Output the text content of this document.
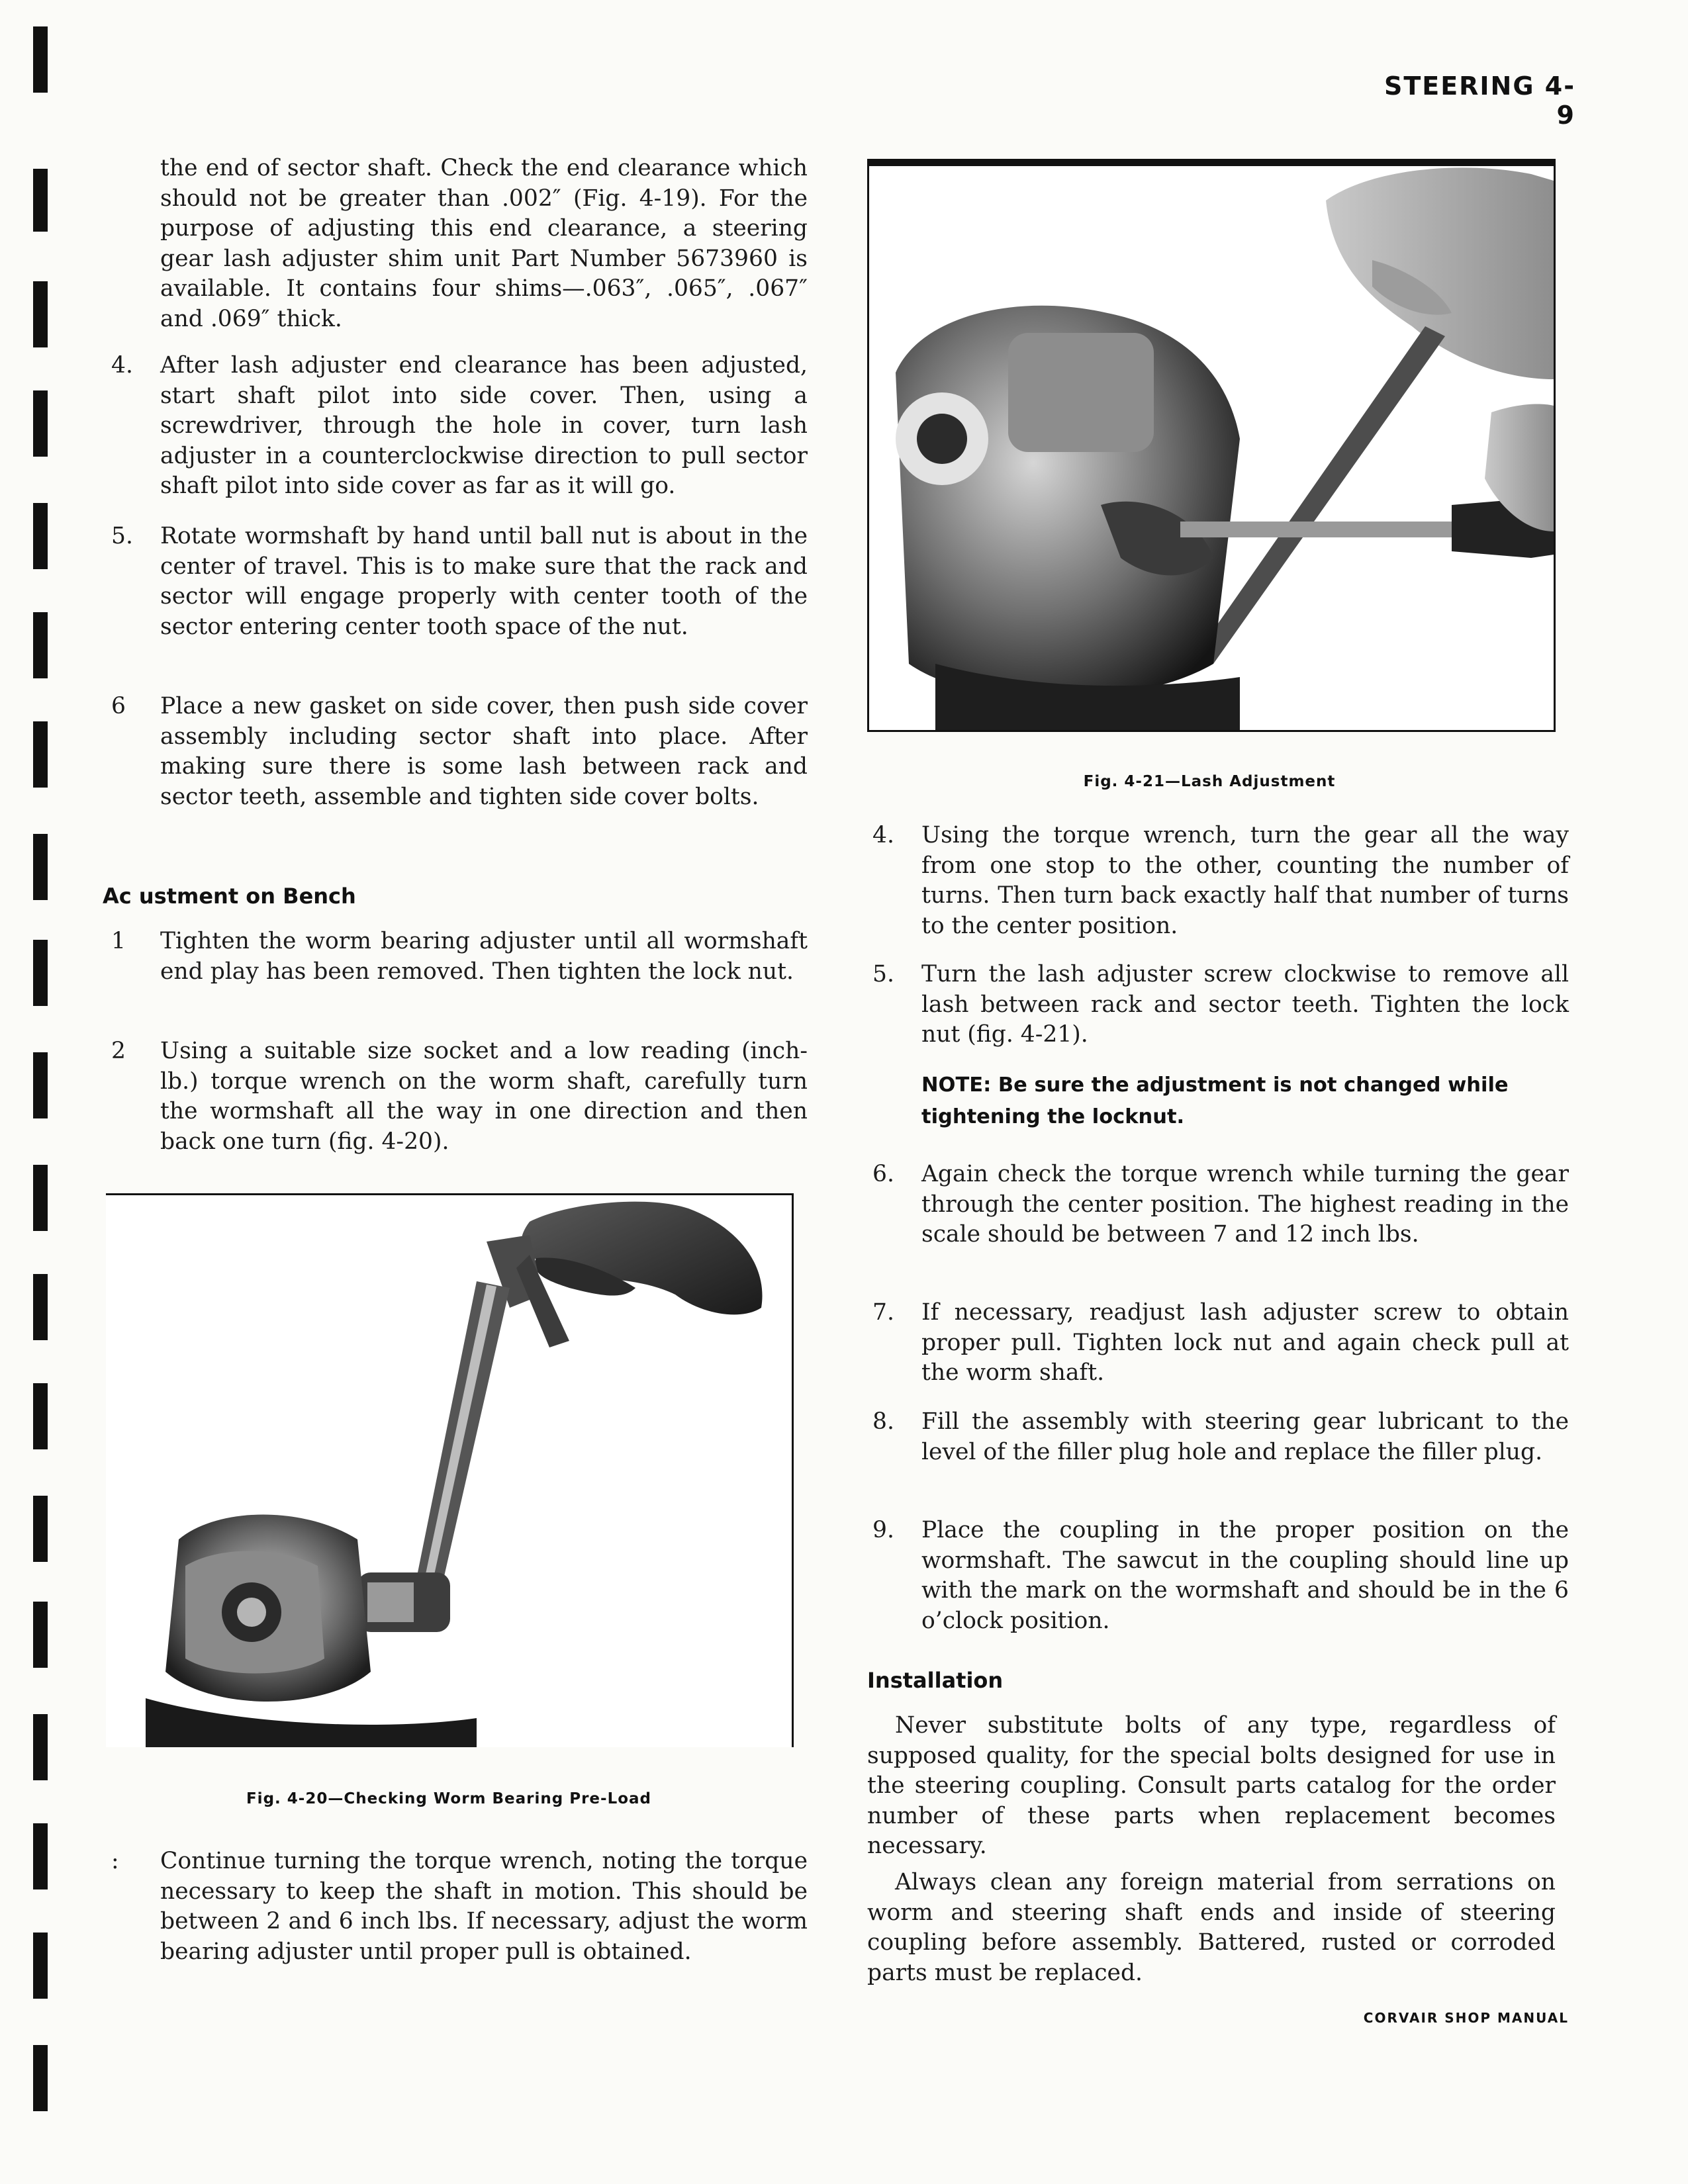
STEERING 4-9

the end of sector shaft. Check the end clearance which should not be greater than .002″ (Fig. 4-19). For the purpose of adjusting this end clearance, a steering gear lash adjuster shim unit Part Number 5673960 is available. It contains four shims—.063″, .065″, .067″ and .069″ thick.

4. After lash adjuster end clearance has been adjusted, start shaft pilot into side cover. Then, using a screwdriver, through the hole in cover, turn lash adjuster in a counterclockwise direction to pull sector shaft pilot into side cover as far as it will go.

5. Rotate wormshaft by hand until ball nut is about in the center of travel. This is to make sure that the rack and sector will engage properly with center tooth of the sector entering center tooth space of the nut.

6	Place a new gasket on side cover, then push side cover assembly including sector shaft into place. After making sure there is some lash between rack and sector teeth, assemble and tighten side cover bolts.

Ac ustment on Bench
1	Tighten the worm bearing adjuster until all wormshaft end play has been removed. Then tighten the lock nut.

2	Using a suitable size socket and a low reading (inch-lb.) torque wrench on the worm shaft, carefully turn the wormshaft all the way in one direction and then back one turn (fig. 4-20).

Fig. 4-20—Checking Worm Bearing Pre-Load
:	Continue turning the torque wrench, noting the torque necessary to keep the shaft in motion. This should be between 2 and 6 inch lbs. If necessary, adjust the worm bearing adjuster until proper pull is obtained.

Fig. 4-21—Lash Adjustment
4. Using the torque wrench, turn the gear all the way from one stop to the other, counting the number of turns. Then turn back exactly half that number of turns to the center position.

5. Turn the lash adjuster screw clockwise to remove all lash between rack and sector teeth. Tighten the lock nut (fig. 4-21).

NOTE: Be sure the adjustment is not changed while tightening the locknut.
6. Again check the torque wrench while turning the gear through the center position. The highest reading in the scale should be between 7 and 12 inch lbs.

7. If necessary, readjust lash adjuster screw to obtain proper pull. Tighten lock nut and again check pull at the worm shaft.

8. Fill the assembly with steering gear lubricant to the level of the filler plug hole and replace the filler plug.

9. Place the coupling in the proper position on the wormshaft. The sawcut in the coupling should line up with the mark on the wormshaft and should be in the 6 o’clock position.

Installation

Never substitute bolts of any type, regardless of supposed quality, for the special bolts designed for use in the steering coupling. Consult parts catalog for the order number of these parts when replacement becomes necessary.

Always clean any foreign material from serrations on worm and steering shaft ends and inside of steering coupling before assembly. Battered, rusted or corroded parts must be replaced.

CORVAIR SHOP MANUAL
